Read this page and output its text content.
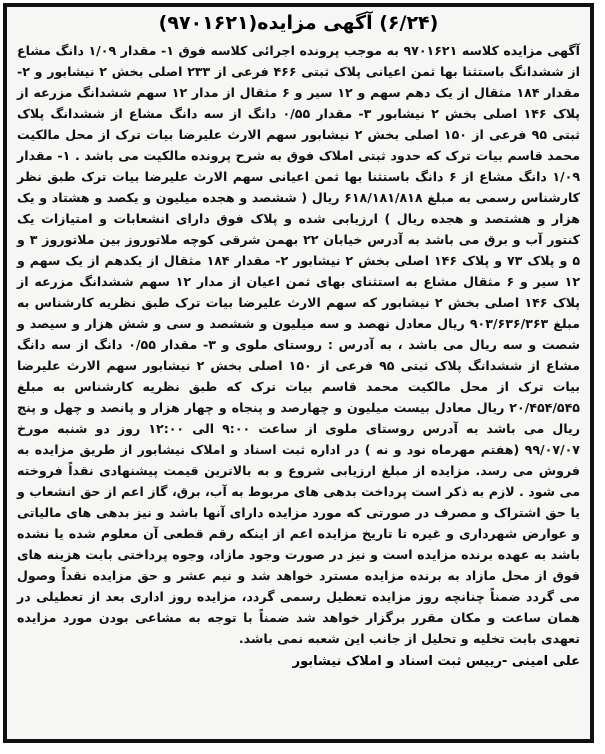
(۶/۲۴) آگهی مزایده(۹۷۰۱۶۲۱)

آگهی مزایده کلاسه ۹۷۰۱۶۲۱ به موجب پرونده اجرائی کلاسه فوق ۱- مقدار ۱/۰۹ دانگ مشاع از ششدانگ باستثنا بها ثمن اعیانی پلاک ثبتی ۴۶۶ فرعی از ۲۳۳ اصلی بخش ۲ نیشابور و ۲- مقدار ۱۸۴ مثقال از یک دهم سهم و ۱۲ سیر و ۶ مثقال از مدار ۱۲ سهم ششدانگ مزرعه از پلاک ۱۴۶ اصلی بخش ۲ نیشابور ۳- مقدار ۰/۵۵ دانگ از سه دانگ مشاع از ششدانگ پلاک ثبتی ۹۵ فرعی از ۱۵۰ اصلی بخش ۲ نیشابور سهم الارث علیرضا بیات ترک از محل مالکیت محمد قاسم بیات ترک که حدود ثبتی املاک فوق به شرح پرونده مالکیت می باشد . ۱- مقدار ۱/۰۹ دانگ مشاع از ۶ دانگ باستثنا بها ثمن اعیانی سهم الارث علیرضا بیات ترک طبق نظر کارشناس رسمی به مبلغ ۶۱۸/۱۸۱/۸۱۸ ریال ( ششصد و هجده میلیون و یکصد و هشتاد و یک هزار و هشتصد و هجده ریال ) ارزیابی شده و پلاک فوق دارای انشعابات و امتیازات یک کنتور آب و برق می باشد به آدرس خیابان ۲۲ بهمن شرقی کوچه ملاتوروز بین ملاتوروز ۳ و ۵ و پلاک ۷۳ و پلاک ۱۴۶ اصلی بخش ۲ نیشابور ۲- مقدار ۱۸۴ مثقال از یکدهم از یک سهم و ۱۲ سیر و ۶ مثقال مشاع به استثنای بهای ثمن اعیان از مدار ۱۲ سهم ششدانگ مزرعه از پلاک ۱۴۶ اصلی بخش ۲ نیشابور که سهم الارث علیرضا بیات ترک طبق نظریه کارشناس به مبلغ ۹۰۳/۶۳۶/۳۶۳ ریال معادل نهصد و سه میلیون و ششصد و سی و شش هزار و سیصد و شصت و سه ریال می باشد ، به آدرس : روستای ملوی و ۳- مقدار ۰/۵۵ دانگ از سه دانگ مشاع از ششدانگ پلاک ثبتی ۹۵ فرعی از ۱۵۰ اصلی بخش ۲ نیشابور سهم الارث علیرضا بیات ترک از محل مالکیت محمد قاسم بیات ترک که طبق نظریه کارشناس به مبلغ ۲۰/۴۵۴/۵۴۵ ریال معادل بیست میلیون و چهارصد و پنجاه و چهار هزار و پانصد و چهل و پنج ریال می باشد به آدرس روستای ملوی از ساعت ۹:۰۰ الی ۱۲:۰۰ روز دو شنبه مورخ ۹۹/۰۷/۰۷ (هفتم مهرماه نود و نه ) در اداره ثبت اسناد و املاک نیشابور از طریق مزایده به فروش می رسد. مزایده از مبلغ ارزیابی شروع و به بالاترین قیمت پیشنهادی نقداً فروخته می شود . لازم به ذکر است پرداخت بدهی های مربوط به آب، برق، گاز اعم از حق انشعاب و یا حق اشتراک و مصرف در صورتی که مورد مزایده دارای آنها باشد و نیز بدهی های مالیاتی و عوارض شهرداری و غیره تا تاریخ مزایده اعم از اینکه رقم قطعی آن معلوم شده یا نشده باشد به عهده برنده مزایده است و نیز در صورت وجود مازاد، وجوه پرداختی بابت هزینه های فوق از محل مازاد به برنده مزایده مسترد خواهد شد و نیم عشر و حق مزایده نقداً وصول می گردد ضمناً چنانچه روز مزایده تعطیل رسمی گردد، مزایده روز اداری بعد از تعطیلی در همان ساعت و مکان مقرر برگزار خواهد شد ضمناً با توجه به مشاعی بودن مورد مزایده تعهدی بابت تخلیه و تحلیل از جانب این شعبه نمی باشد.

علی امینی -رییس ثبت اسناد و املاک نیشابور
